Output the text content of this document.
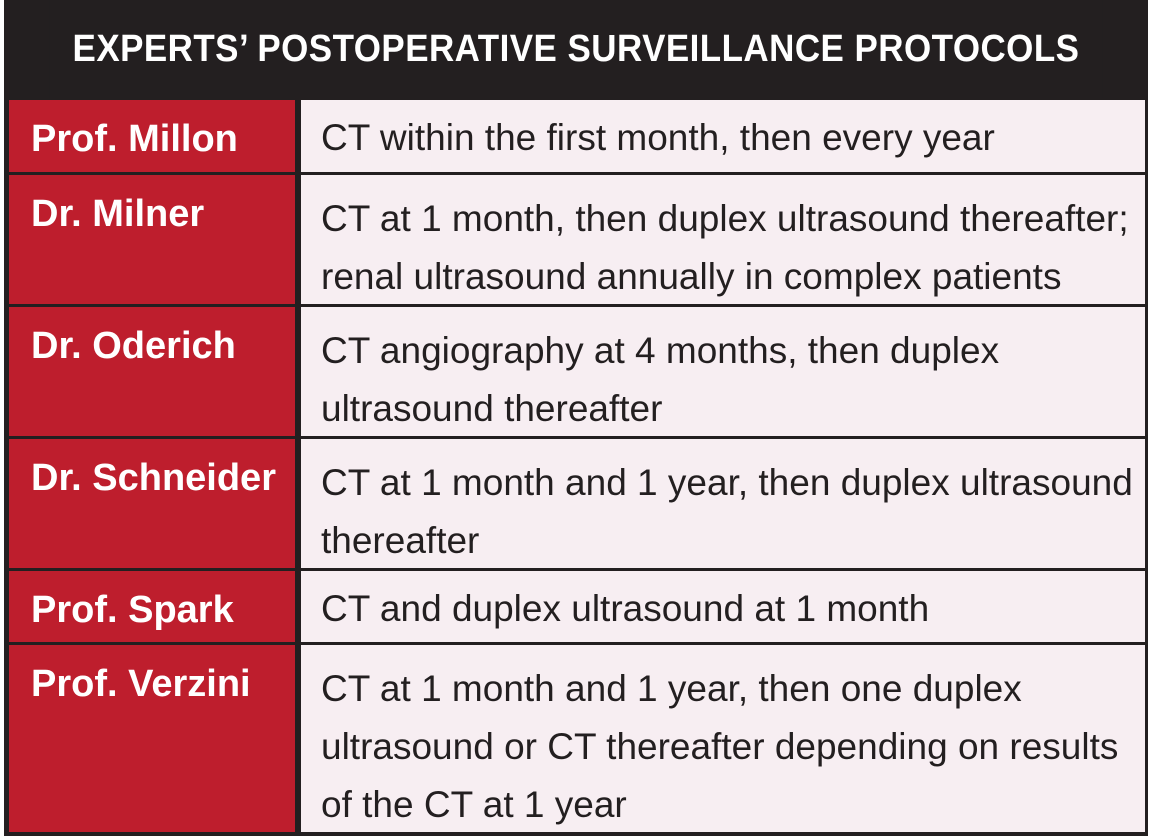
EXPERTS’ POSTOPERATIVE SURVEILLANCE PROTOCOLS
Prof. Millon	CT within the first month, then every year
Dr. Milner	CT at 1 month, then duplex ultrasound thereafter; renal ultrasound annually in complex patients
Dr. Oderich	CT angiography at 4 months, then duplex ultrasound thereafter
Dr. Schneider	CT at 1 month and 1 year, then duplex ultrasound thereafter
Prof. Spark	CT and duplex ultrasound at 1 month
Prof. Verzini	CT at 1 month and 1 year, then one duplex ultrasound or CT thereafter depending on results of the CT at 1 year
